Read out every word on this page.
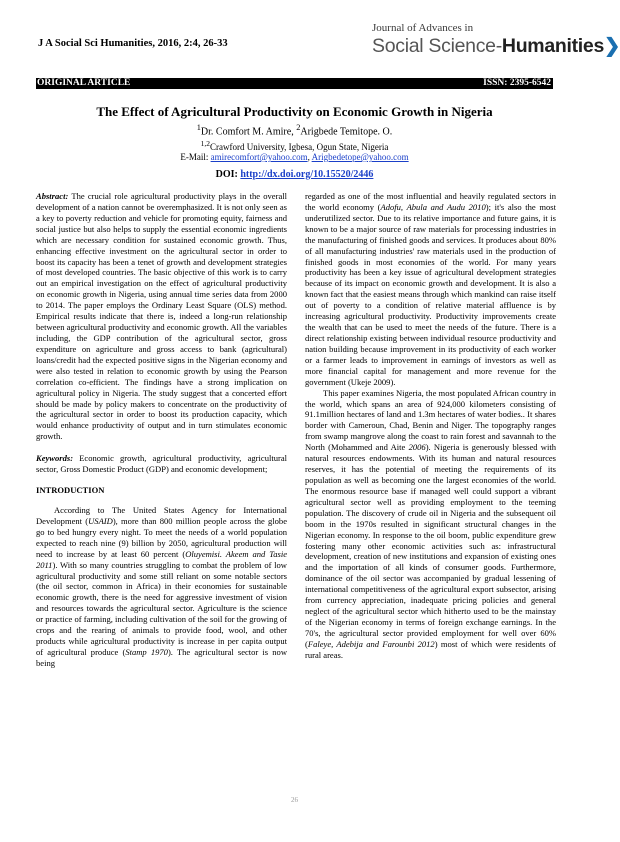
J A Social Sci Humanities, 2016, 2:4, 26-33
Journal of Advances in
Social Science-Humanities❯
ORIGINAL ARTICLE	ISSN: 2395-6542
The Effect of Agricultural Productivity on Economic Growth in Nigeria
$^1$Dr. Comfort M. Amire, $^2$Arigbede Temitope. O.
$^{1,2}$Crawford University, Igbesa, Ogun State, Nigeria
E-Mail: amirecomfort@yahoo.com, Arigbedetope@yahoo.com
DOI: http://dx.doi.org/10.15520/2446

Abstract: The crucial role agricultural productivity plays in the overall development of a nation cannot be overemphasized. It is not only seen as a key to poverty reduction and vehicle for promoting equity, fairness and social justice but also helps to supply the essential economic ingredients which are necessary condition for sustained economic growth. Thus, enhancing effective investment on the agricultural sector in order to boost its capacity has been a tenet of growth and development strategies of most developed countries. The basic objective of this work is to carry out an empirical investigation on the effect of agricultural productivity on economic growth in Nigeria, using annual time series data from 2000 to 2014. The paper employs the Ordinary Least Square (OLS) method. Empirical results indicate that there is, indeed a long-run relationship between agricultural productivity and economic growth. All the variables including, the GDP contribution of the agricultural sector, gross expenditure on agriculture and gross access to bank (agricultural) loans/credit had the expected positive signs in the Nigerian economy and were also tested in relation to economic growth by using the Pearson correlation co-efficient. The findings have a strong implication on agricultural policy in Nigeria. The study suggest that a concerted effort should be made by policy makers to concentrate on the productivity of the agricultural sector in order to boost its production capacity, which would enhance productivity of output and in turn stimulates economic growth.

Keywords: Economic growth, agricultural productivity, agricultural sector, Gross Domestic Product (GDP) and economic development;

INTRODUCTION

According to The United States Agency for International Development (USAID), more than 800 million people across the globe go to bed hungry every night. To meet the needs of a world population expected to reach nine (9) billion by 2050, agricultural production will need to increase by at least 60 percent (Oluyemisi. Akeem and Tasie 2011). With so many countries struggling to combat the problem of low agricultural productivity and some still reliant on some notable sectors (the oil sector, common in Africa) in their economies for sustainable economic growth, there is the need for aggressive investment of vision and resources towards the agricultural sector. Agriculture is the science or practice of farming, including cultivation of the soil for the growing of crops and the rearing of animals to provide food, wool, and other products while agricultural productivity is increase in per capita output of agricultural produce (Stamp 1970). The agricultural sector is now being

regarded as one of the most influential and heavily regulated sectors in the world economy (Adofu, Abula and Audu 2010); it's also the most underutilized sector. Due to its relative importance and future gains, it is known to be a major source of raw materials for processing industries in the manufacturing of finished goods and services. It produces about 80% of all manufacturing industries' raw materials used in the production of finished goods in most economies of the world. For many years productivity has been a key issue of agricultural development strategies because of its impact on economic growth and development. It is also a known fact that the easiest means through which mankind can raise itself out of poverty to a condition of relative material affluence is by increasing agricultural productivity. Productivity improvements create the wealth that can be used to meet the needs of the future. There is a direct relationship existing between individual resource productivity and nation building because improvement in its productivity of each worker or a farmer leads to improvement in earnings of investors as well as more financial capital for management and more revenue for the government (Ukeje 2009).

This paper examines Nigeria, the most populated African country in the world, which spans an area of 924,000 kilometers consisting of 91.1million hectares of land and 1.3m hectares of water bodies.. It shares border with Cameroun, Chad, Benin and Niger. The topography ranges from swamp mangrove along the coast to rain forest and savannah to the North (Mohammed and Aite 2006). Nigeria is generously blessed with natural resources endowments. With its human and natural resources reserves, it has the potential of meeting the requirements of its population as well as becoming one the largest economies of the world. The enormous resource base if managed well could support a vibrant agricultural sector well as providing employment to the teeming population. The discovery of crude oil in Nigeria and the subsequent oil boom in the 1970s resulted in significant structural changes in the Nigerian economy. In response to the oil boom, public expenditure grew fostering many other economic activities such as: infrastructural development, creation of new institutions and expansion of existing ones and the importation of all kinds of consumer goods. Furthermore, dominance of the oil sector was accompanied by gradual lessening of international competitiveness of the agricultural export subsector, arising from currency appreciation, inadequate pricing policies and general neglect of the agricultural sector which hitherto used to be the mainstay of the Nigerian economy in terms of foreign exchange earnings. In the 70's, the agricultural sector provided employment for well over 60% (Faleye, Adebija and Farounbi 2012) most of which were residents of rural areas.

26
